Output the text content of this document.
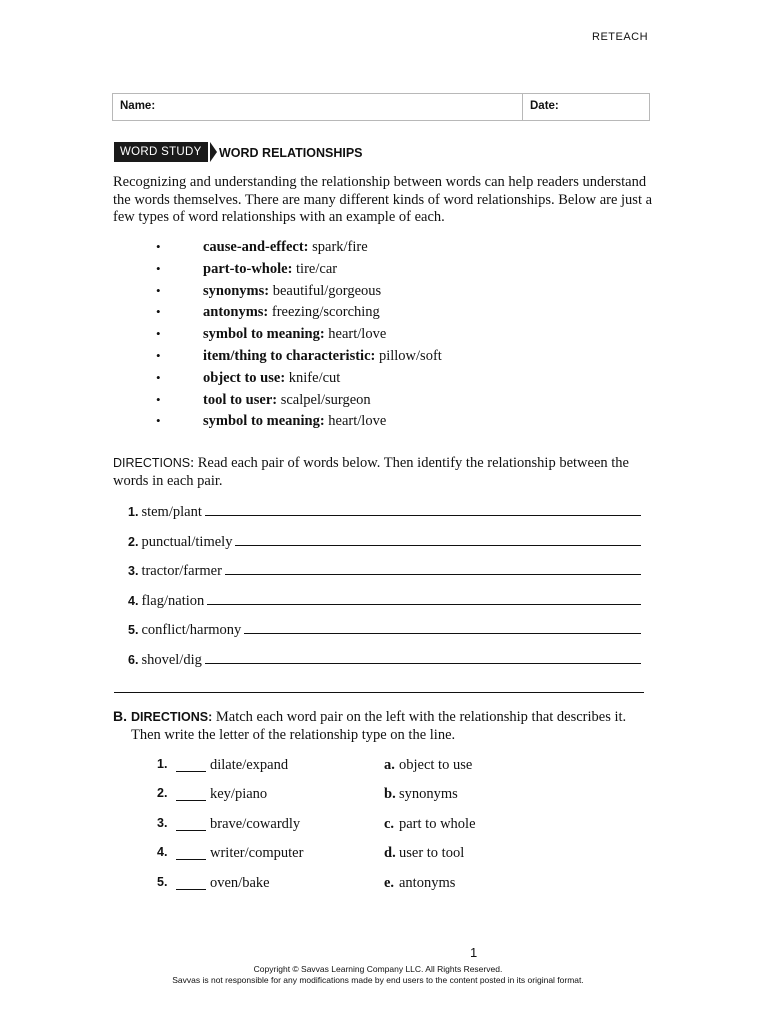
RETEACH
Name:	Date:
WORD STUDY	WORD RELATIONSHIPS
Recognizing and understanding the relationship between words can help readers understand the words themselves. There are many different kinds of word relationships. Below are just a few types of word relationships with an example of each.
•	cause-and-effect: spark/fire
•	part-to-whole: tire/car
•	synonyms: beautiful/gorgeous
•	antonyms: freezing/scorching
•	symbol to meaning: heart/love
•	item/thing to characteristic: pillow/soft
•	object to use: knife/cut
•	tool to user: scalpel/surgeon
•	symbol to meaning: heart/love
DIRECTIONS: Read each pair of words below. Then identify the relationship between the words in each pair.
1. stem/plant
2. punctual/timely
3. tractor/farmer
4. flag/nation
5. conflict/harmony
6. shovel/dig
B. DIRECTIONS: Match each word pair on the left with the relationship that describes it. Then write the letter of the relationship type on the line.
1.	dilate/expand	a. object to use
2.	key/piano	b. synonyms
3.	brave/cowardly	c. part to whole
4.	writer/computer	d. user to tool
5.	oven/bake	e. antonyms
1
Copyright © Savvas Learning Company LLC. All Rights Reserved.
Savvas is not responsible for any modifications made by end users to the content posted in its original format.
